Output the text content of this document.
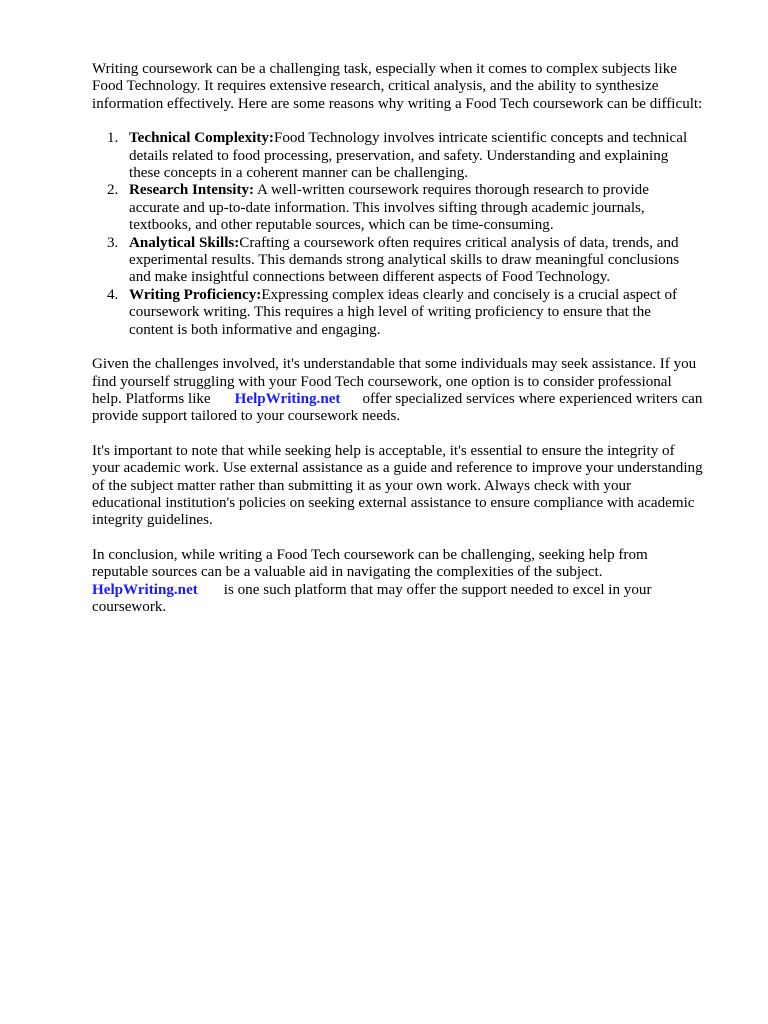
Writing coursework can be a challenging task, especially when it comes to complex subjects like
Food Technology. It requires extensive research, critical analysis, and the ability to synthesize
information effectively. Here are some reasons why writing a Food Tech coursework can be difficult:

1. Technical Complexity:Food Technology involves intricate scientific concepts and technical
details related to food processing, preservation, and safety. Understanding and explaining
these concepts in a coherent manner can be challenging.
2. Research Intensity: A well-written coursework requires thorough research to provide
accurate and up-to-date information. This involves sifting through academic journals,
textbooks, and other reputable sources, which can be time-consuming.
3. Analytical Skills:Crafting a coursework often requires critical analysis of data, trends, and
experimental results. This demands strong analytical skills to draw meaningful conclusions
and make insightful connections between different aspects of Food Technology.
4. Writing Proficiency:Expressing complex ideas clearly and concisely is a crucial aspect of
coursework writing. This requires a high level of writing proficiency to ensure that the
content is both informative and engaging.

Given the challenges involved, it's understandable that some individuals may seek assistance. If you
find yourself struggling with your Food Tech coursework, one option is to consider professional
help. Platforms like HelpWriting.net offer specialized services where experienced writers can
provide support tailored to your coursework needs.

It's important to note that while seeking help is acceptable, it's essential to ensure the integrity of
your academic work. Use external assistance as a guide and reference to improve your understanding
of the subject matter rather than submitting it as your own work. Always check with your
educational institution's policies on seeking external assistance to ensure compliance with academic
integrity guidelines.

In conclusion, while writing a Food Tech coursework can be challenging, seeking help from
reputable sources can be a valuable aid in navigating the complexities of the subject.
HelpWriting.net is one such platform that may offer the support needed to excel in your
coursework.
